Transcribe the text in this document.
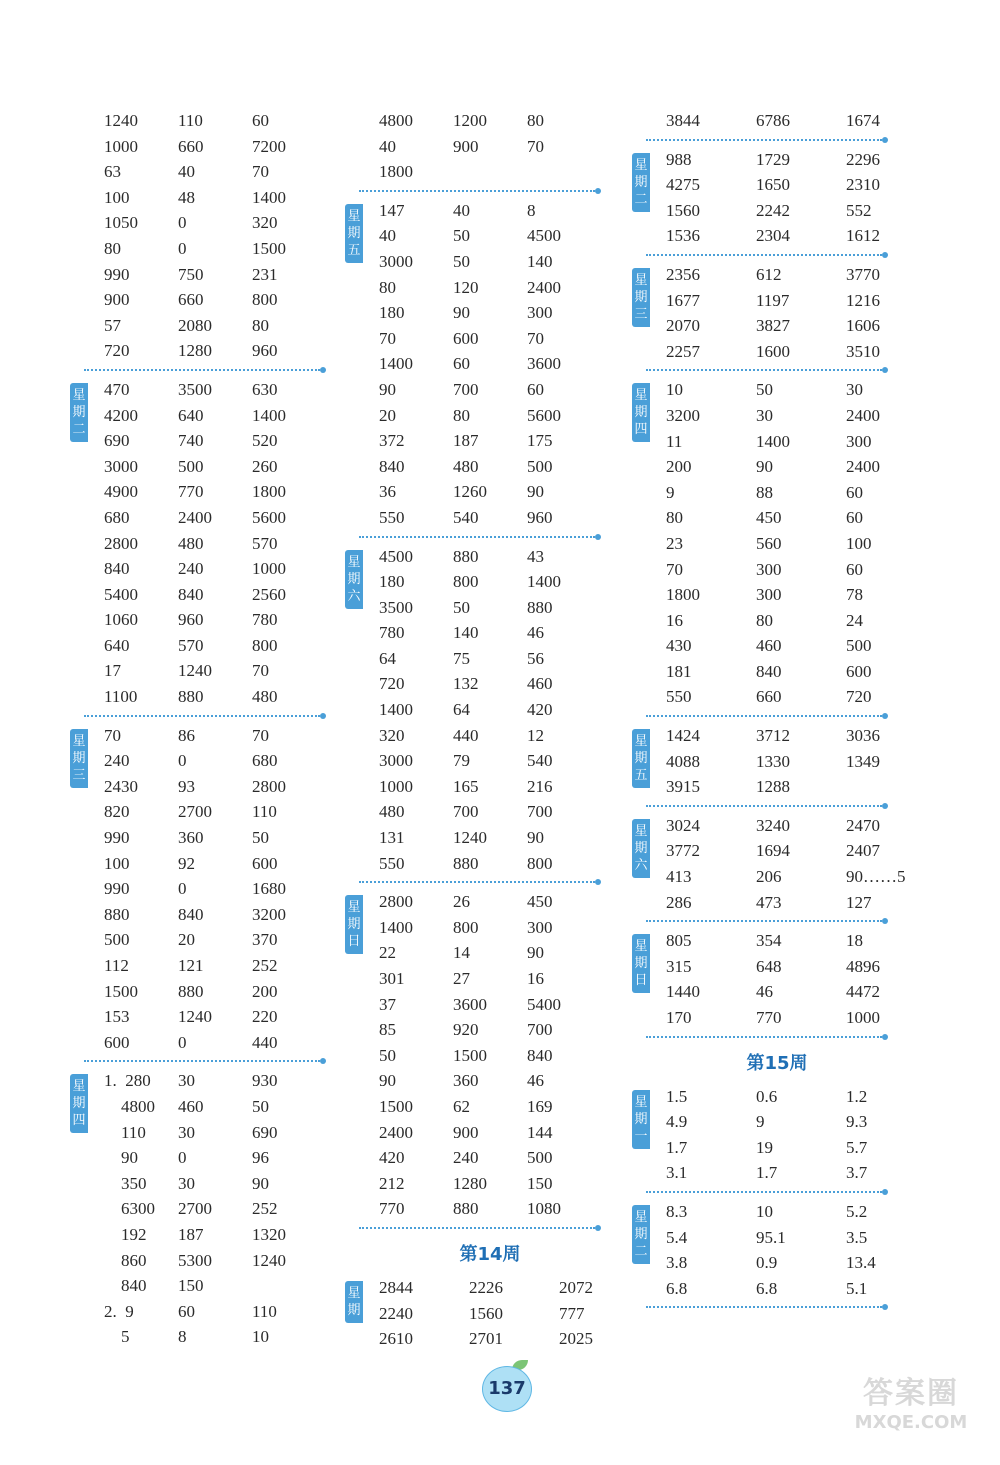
1240 110	60
1000 660	7200
63	40	70
100	48	1400
1050 0	320
80	0	1500
990	750	231
900	660	800
57	2080 80
720	1280 960
星
期
二
470	3500 630
4200 640	1400
690	740	520
3000 500	260
4900 770	1800
680	2400 5600
2800 480	570
840	240	1000
5400 840	2560
1060 960	780
640	570	800
17	1240 70
1100 880	480
星
期
三
70	86	70
240	0	680
2430 93	2800
820	2700 110
990	360	50
100	92	600
990	0	1680
880	840	3200
500	20	370
112	121	252
1500 880	200
153	1240 220
600	0	440
星
期
四
1.  280 30	930
4800 460	50
110 30	690
90 0	96
350 30	90
6300 2700 252
192 187	1320
860 5300 1240
840 150
2.  9	60	110
5	8	10
4800 1200 80
40	900	70
1800
星
期
五
147	40	8
40	50	4500
3000 50	140
80	120	2400
180	90	300
70	600	70
1400 60	3600
90	700	60
20	80	5600
372	187	175
840	480	500
36	1260 90
550	540	960
星
期
六
4500 880	43
180	800	1400
3500 50	880
780	140	46
64	75	56
720	132	460
1400 64	420
320	440	12
3000 79	540
1000 165	216
480	700	700
131	1240 90
550	880	800
星
期
日
2800 26	450
1400 800	300
22	14	90
301	27	16
37	3600 5400
85	920	700
50	1500 840
90	360	46
1500 62	169
2400 900	144
420	240	500
212	1280 150
770	880	1080
第14周
星
期
2844	2226	2072
2240	1560	777
2610	2701	2025
3844	6786	1674
星
期
二
988	1729	2296
4275	1650	2310
1560	2242	552
1536	2304	1612
星
期
三
2356	612	3770
1677	1197	1216
2070	3827	1606
2257	1600	3510
星
期
四
10	50	30
3200	30	2400
11	1400	300
200	90	2400
9	88	60
80	450	60
23	560	100
70	300	60
1800	300	78
16	80	24
430	460	500
181	840	600
550	660	720
星
期
五
1424	3712	3036
4088	1330	1349
3915	1288
星
期
六
3024	3240	2470
3772	1694	2407
413	206	90……5
286	473	127
星
期
日
805	354	18
315	648	4896
1440	46	4472
170	770	1000
第15周
星
期
一
1.5	0.6	1.2
4.9	9	9.3
1.7	19	5.7
3.1	1.7	3.7
星
期
二
8.3	10	5.2
5.4	95.1	3.5
3.8	0.9	13.4
6.8	6.8	5.1
137	答案圈
MXQE.COM
